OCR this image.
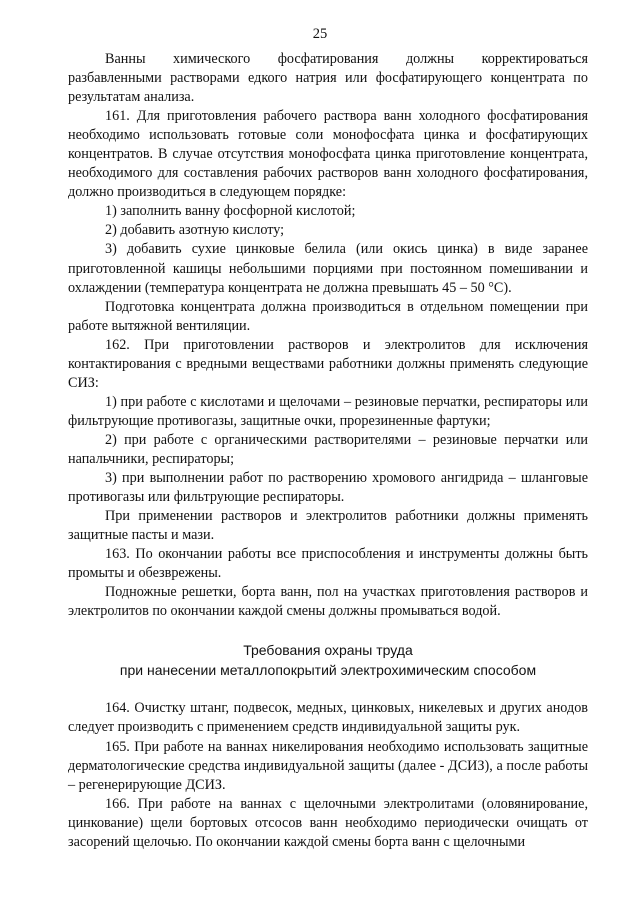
25

Ванны химического фосфатирования должны корректироваться разбавленными растворами едкого натрия или фосфатирующего концентрата по результатам анализа.

161. Для приготовления рабочего раствора ванн холодного фосфатирования необходимо использовать готовые соли монофосфата цинка и фосфатирующих концентратов. В случае отсутствия монофосфата цинка приготовление концентрата, необходимого для составления рабочих растворов ванн холодного фосфатирования, должно производиться в следующем порядке:

1) заполнить ванну фосфорной кислотой;

2) добавить азотную кислоту;

3) добавить сухие цинковые белила (или окись цинка) в виде заранее приготовленной кашицы небольшими порциями при постоянном помешивании и охлаждении (температура концентрата не должна превышать 45 – 50 °С).

Подготовка концентрата должна производиться в отдельном помещении при работе вытяжной вентиляции.

162. При приготовлении растворов и электролитов для исключения контактирования с вредными веществами работники должны применять следующие СИЗ:

1) при работе с кислотами и щелочами – резиновые перчатки, респираторы или фильтрующие противогазы, защитные очки, прорезиненные фартуки;

2) при работе с органическими растворителями – резиновые перчатки или напальчники, респираторы;

3) при выполнении работ по растворению хромового ангидрида – шланговые противогазы или фильтрующие респираторы.

При применении растворов и электролитов работники должны применять защитные пасты и мази.

163. По окончании работы все приспособления и инструменты должны быть промыты и обезврежены.

Подножные решетки, борта ванн, пол на участках приготовления растворов и электролитов по окончании каждой смены должны промываться водой.

Требования охраны труда
при нанесении металлопокрытий электрохимическим способом

164. Очистку штанг, подвесок, медных, цинковых, никелевых и других анодов следует производить с применением средств индивидуальной защиты рук.

165. При работе на ваннах никелирования необходимо использовать защитные дерматологические средства индивидуальной защиты (далее - ДСИЗ), а после работы – регенерирующие ДСИЗ.

166. При работе на ваннах с щелочными электролитами (оловянирование, цинкование) щели бортовых отсосов ванн необходимо периодически очищать от засорений щелочью. По окончании каждой смены борта ванн с щелочными
